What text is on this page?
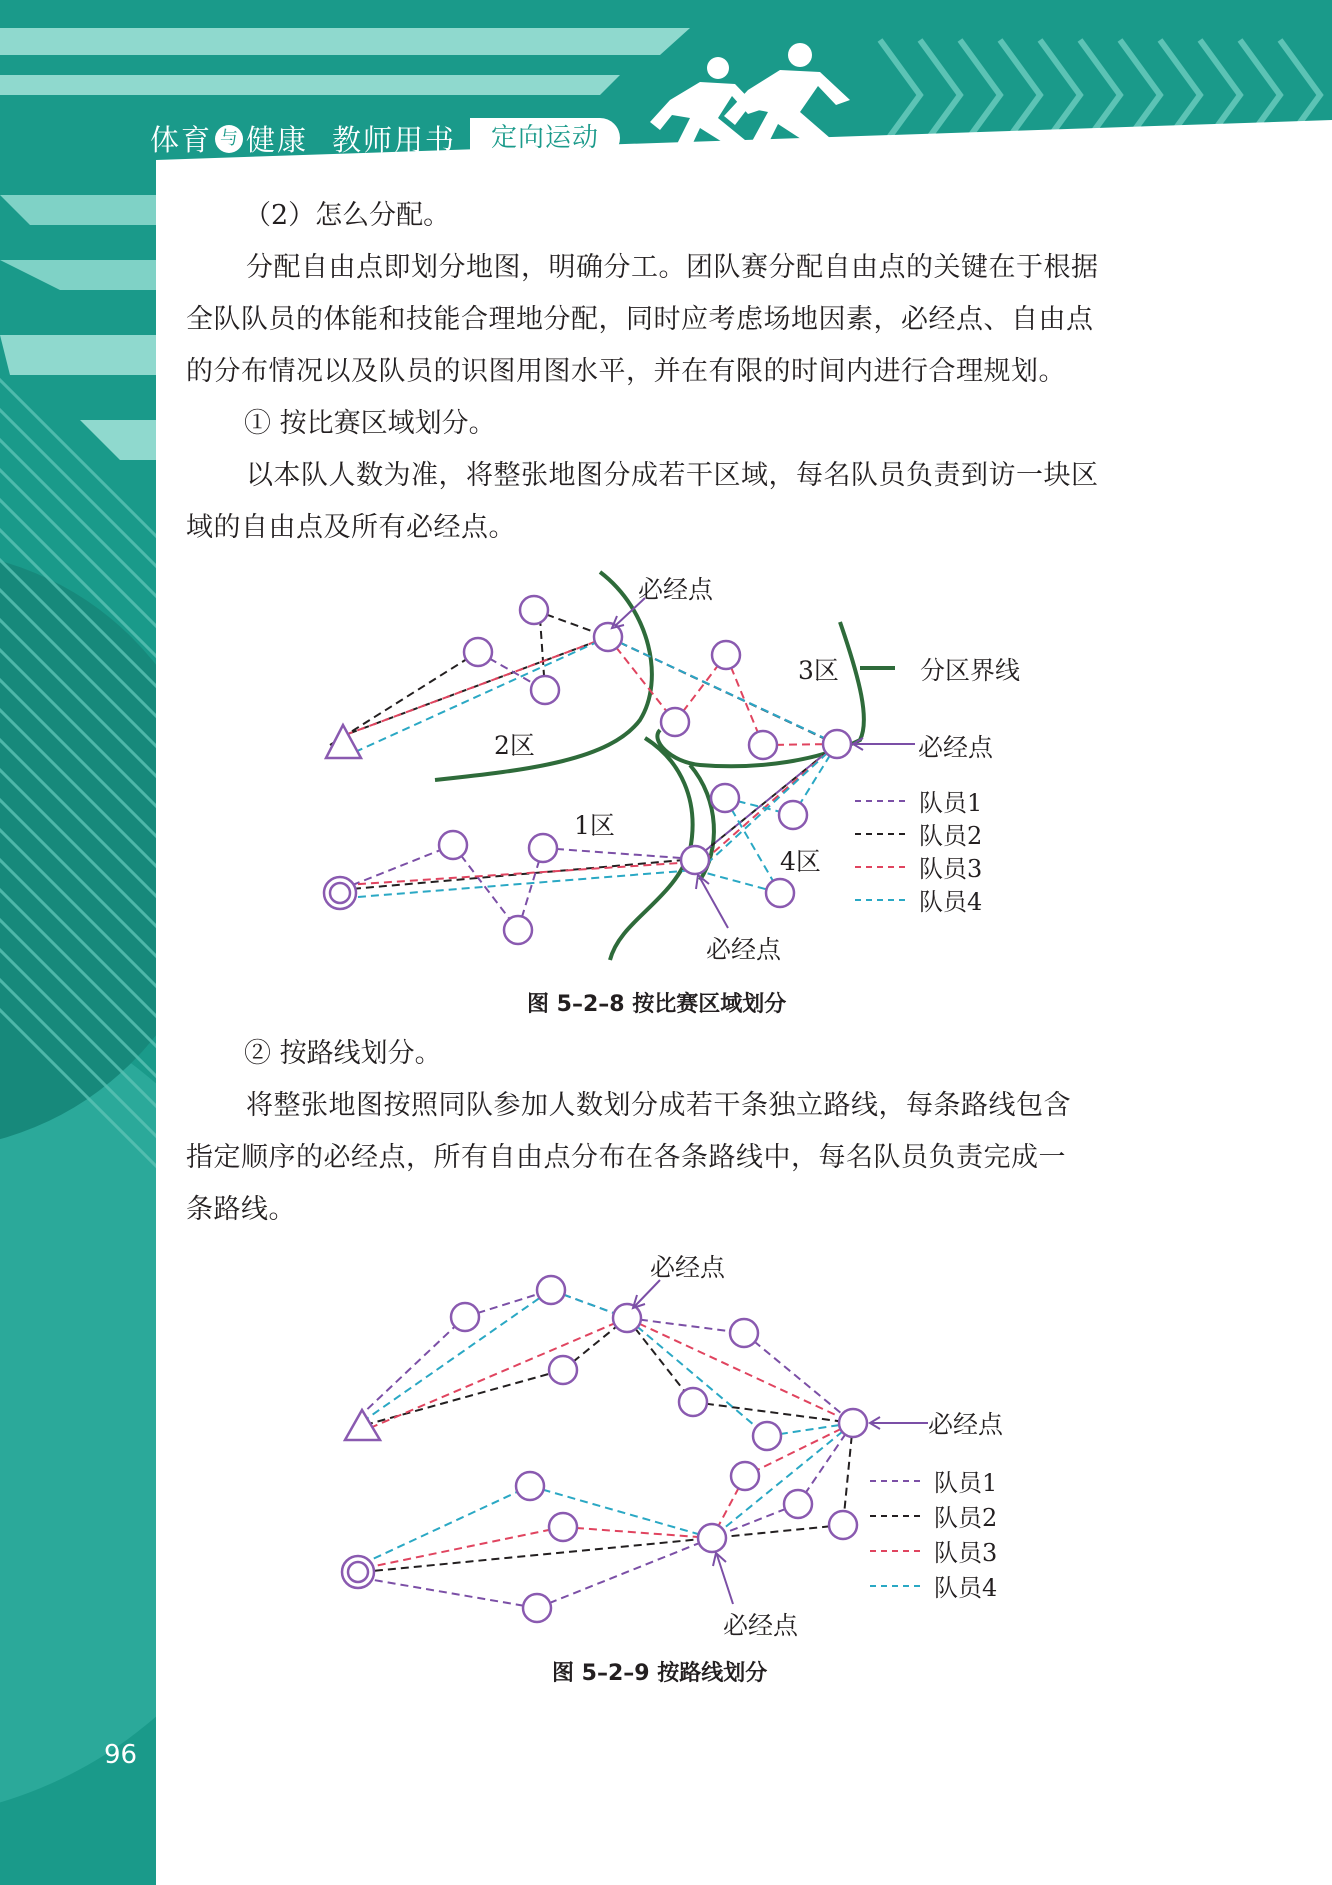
体育 与 健康 教师用书	定向运动

（2）怎么分配。

分配自由点即划分地图，明确分工。团队赛分配自由点的关键在于根据

全队队员的体能和技能合理地分配，同时应考虑场地因素，必经点、自由点

的分布情况以及队员的识图用图水平，并在有限的时间内进行合理规划。

① 按比赛区域划分。

以本队人数为准，将整张地图分成若干区域，每名队员负责到访一块区

域的自由点及所有必经点。

必经点
3区	分区界线
2区	必经点
1区
4区
必经点
队员1
队员2
队员3
队员4
图 5–2–8 按比赛区域划分

② 按路线划分。

将整张地图按照同队参加人数划分成若干条独立路线，每条路线包含

指定顺序的必经点，所有自由点分布在各条路线中，每名队员负责完成一

条路线。

必经点
必经点
必经点
队员1
队员2
队员3
队员4
图 5–2–9 按路线划分
96
